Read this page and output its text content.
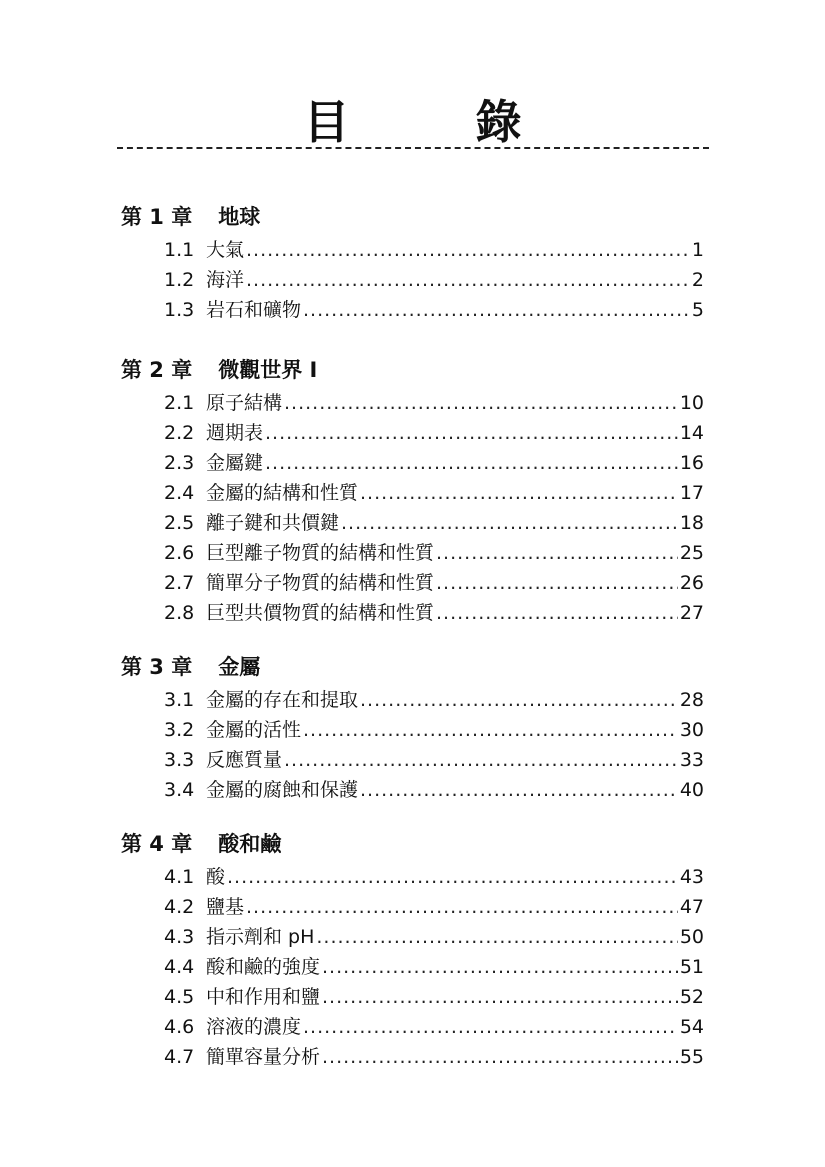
目　錄
第 1 章 地球
1.1 大氣 .....	1
1.2 海洋 .....	2
1.3 岩石和礦物 .....	5
第 2 章 微觀世界 I
2.1 原子結構 .....	10
2.2 週期表 .....	14
2.3 金屬鍵 .....	16
2.4 金屬的結構和性質 .....	17
2.5 離子鍵和共價鍵 .....	18
2.6 巨型離子物質的結構和性質 .....	25
2.7 簡單分子物質的結構和性質 .....	26
2.8 巨型共價物質的結構和性質 .....	27
第 3 章 金屬
3.1 金屬的存在和提取 .....	28
3.2 金屬的活性 .....	30
3.3 反應質量 .....	33
3.4 金屬的腐蝕和保護 .....	40
第 4 章 酸和鹼
4.1 酸 .....	43
4.2 鹽基 .....	47
4.3 指示劑和 pH .....	50
4.4 酸和鹼的強度 .....	51
4.5 中和作用和鹽 .....	52
4.6 溶液的濃度 .....	54
4.7 簡單容量分析 .....	55
